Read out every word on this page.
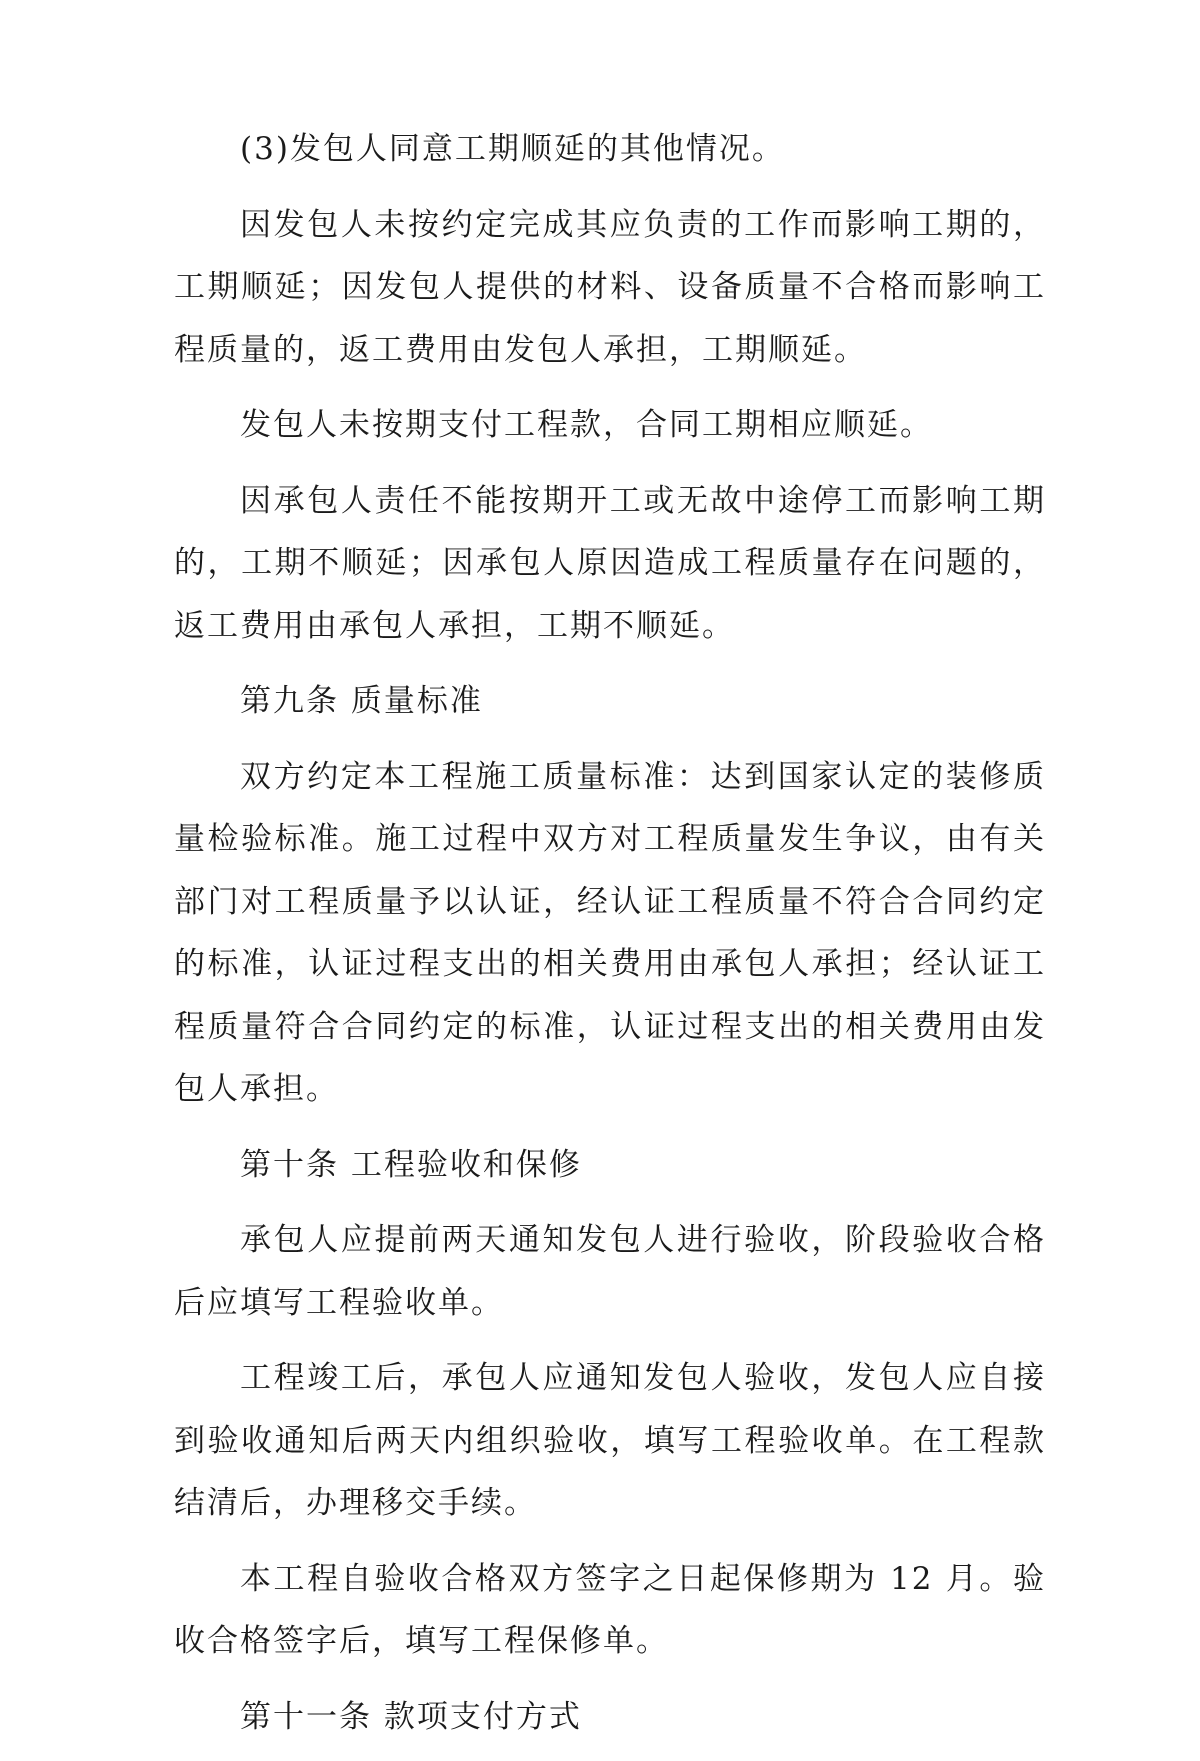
(3)发包人同意工期顺延的其他情况。

因发包人未按约定完成其应负责的工作而影响工期的，工期顺延；因发包人提供的材料、设备质量不合格而影响工程质量的，返工费用由发包人承担，工期顺延。

发包人未按期支付工程款，合同工期相应顺延。

因承包人责任不能按期开工或无故中途停工而影响工期的，工期不顺延；因承包人原因造成工程质量存在问题的，返工费用由承包人承担，工期不顺延。

第九条 质量标准

双方约定本工程施工质量标准：达到国家认定的装修质量检验标准。施工过程中双方对工程质量发生争议，由有关部门对工程质量予以认证，经认证工程质量不符合合同约定的标准，认证过程支出的相关费用由承包人承担；经认证工程质量符合合同约定的标准，认证过程支出的相关费用由发包人承担。

第十条 工程验收和保修

承包人应提前两天通知发包人进行验收，阶段验收合格后应填写工程验收单。

工程竣工后，承包人应通知发包人验收，发包人应自接到验收通知后两天内组织验收，填写工程验收单。在工程款结清后，办理移交手续。

本工程自验收合格双方签字之日起保修期为 12 月。验收合格签字后，填写工程保修单。

第十一条 款项支付方式
